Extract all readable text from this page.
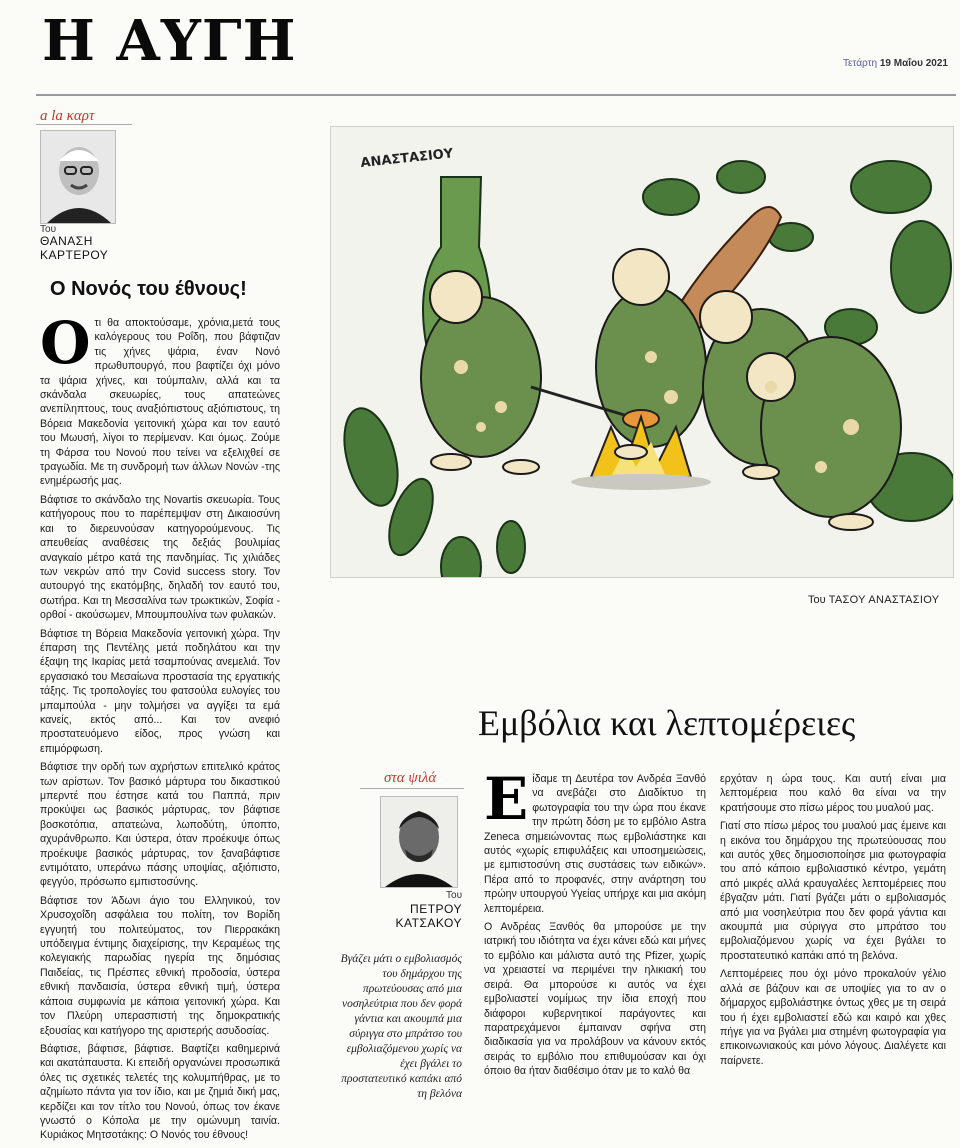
Η ΑΥΓΗ	Τετάρτη 19 Μαΐου 2021
a la καρτ
Του
ΘΑΝΑΣΗ
ΚΑΡΤΕΡΟΥ
Ο Νονός του έθνους!
Ο τι θα αποκτούσαμε, χρόνια,μετά τους καλόγερους του Ροΐδη, που βάφτιζαν τις χήνες ψάρια, έναν Νονό πρωθυπουργό, που βαφτίζει όχι μόνο τα ψάρια χήνες, και τούμπαλιν, αλλά και τα σκάνδαλα σκευωρίες, τους απατεώνες ανεπίληπτους, τους αναξιόπιστους αξιόπιστους, τη Βόρεια Μακεδονία γειτονική χώρα και τον εαυτό του Μωυσή, λίγοι το περίμεναν. Και όμως. Ζούμε τη Φάρσα του Νονού που τείνει να εξελιχθεί σε τραγωδία. Με τη συνδρομή των άλλων Νονών -της ενημέρωσής μας.

Βάφτισε το σκάνδαλο της Novartis σκευωρία. Τους κατήγορους που το παρέπεμψαν στη Δικαιοσύνη και το διερευνούσαν κατηγορούμενους. Τις απευθείας αναθέσεις της δεξιάς βουλιμίας αναγκαίο μέτρο κατά της πανδημίας. Τις χιλιάδες των νεκρών από την Covid success story. Τον αυτουργό της εκατόμβης, δηλαδή τον εαυτό του, σωτήρα. Και τη Μεσσαλίνα των τρωκτικών, Σοφία - ορθοί - ακούσωμεν, Μπουμπουλίνα των φυλακών.

Βάφτισε τη Βόρεια Μακεδονία γειτονική χώρα. Την έπαρση της Πεντέλης μετά ποδηλάτου και την έξαψη της Ικαρίας μετά τσαμπούνας ανεμελιά. Τον εργασιακό του Μεσαίωνα προστασία της εργατικής τάξης. Τις τροπολογίες του φατσούλα ευλογίες του μπαμπούλα - μην τολμήσει να αγγίξει τα εμά κανείς, εκτός από... Και τον ανεφιό προστατευόμενο είδος, προς γνώση και επιμόρφωση.

Βάφτισε την ορδή των αχρήστων επιτελικό κράτος των αρίστων. Τον βασικό μάρτυρα του δικαστικού μπερντέ που έστησε κατά του Παππά, πριν προκύψει ως βασικός μάρτυρας, τον βάφτισε βοσκοτόπια, απατεώνα, λωποδύτη, ύποπτο, αχυράνθρωπο. Και ύστερα, όταν προέκυψε όπως προέκυψε βασικός μάρτυρας, τον ξαναβάφτισε εντιμότατο, υπεράνω πάσης υποψίας, αξιόπιστο, φεγγύο, πρόσωπο εμπιστοσύνης.

Βάφτισε τον Άδωνι άγιο του Ελληνικού, τον Χρυσοχοΐδη ασφάλεια του πολίτη, τον Βορίδη εγγυητή του πολιτεύματος, τον Πιερρακάκη υπόδειγμα έντιμης διαχείρισης, την Κεραμέως της κολεγιακής παρωδίας ηγερία της δημόσιας Παιδείας, τις Πρέσπες εθνική προδοσία, ύστερα εθνική πανδαισία, ύστερα εθνική τιμή, ύστερα κάποια συμφωνία με κάποια γειτονική χώρα. Και τον Πλεύρη υπερασπιστή της δημοκρατικής εξουσίας και κατήγορο της αριστερής ασυδοσίας.

Βάφτισε, βάφτισε, βάφτισε. Βαφτίζει καθημερινά και ακατάπαυστα. Κι επειδή οργανώνει προσωπικά όλες τις σχετικές τελετές της κολυμπήθρας, με το αζημίωτο πάντα για τον ίδιο, και με ζημιά δική μας, κερδίζει και τον τίτλο του Νονού, όπως τον έκανε γνωστό ο Κόπολα με την ομώνυμη ταινία. Κυριάκος Μητσοτάκης: Ο Νονός του έθνους!

ΑΝΑΣΤΑΣΙΟΥ
Του ΤΑΣΟΥ ΑΝΑΣΤΑΣΙΟΥ
Εμβόλια και λεπτομέρειες
στα ψιλά
Του
ΠΕΤΡΟΥ
ΚΑΤΣΑΚΟΥ
Βγάζει μάτι ο εμβολιασμός του δημάρχου της πρωτεύουσας από μια νοσηλεύτρια που δεν φορά γάντια και ακουμπά μια σύριγγα στο μπράτσο του εμβολιαζόμενου χωρίς να έχει βγάλει το προστατευτικό καπάκι από τη βελόνα
Ε ίδαμε τη Δευτέρα τον Ανδρέα Ξανθό να ανεβάζει στο Διαδίκτυο τη φωτογραφία του την ώρα που έκανε την πρώτη δόση με το εμβόλιο Astra Zeneca σημειώνοντας πως εμβολιάστηκε και αυτός «χωρίς επιφυλάξεις και υποσημειώσεις, με εμπιστοσύνη στις συστάσεις των ειδικών». Πέρα από το προφανές, στην ανάρτηση του πρώην υπουργού Υγείας υπήρχε και μια ακόμη λεπτομέρεια.

Ο Ανδρέας Ξανθός θα μπορούσε με την ιατρική του ιδιότητα να έχει κάνει εδώ και μήνες το εμβόλιο και μάλιστα αυτό της Pfizer, χωρίς να χρειαστεί να περιμένει την ηλικιακή του σειρά. Θα μπορούσε κι αυτός να έχει εμβολιαστεί νομίμως την ίδια εποχή που διάφοροι κυβερνητικοί παράγοντες και παρατρεχάμενοι έμπαιναν σφήνα στη διαδικασία για να προλάβουν να κάνουν εκτός σειράς το εμβόλιο που επιθυμούσαν και όχι όποιο θα ήταν διαθέσιμο όταν με το καλό θα

ερχόταν η ώρα τους. Και αυτή είναι μια λεπτομέρεια που καλό θα είναι να την κρατήσουμε στο πίσω μέρος του μυαλού μας.

Γιατί στο πίσω μέρος του μυαλού μας έμεινε και η εικόνα του δημάρχου της πρωτεύουσας που και αυτός χθες δημοσιοποίησε μια φωτογραφία του από κάποιο εμβολιαστικό κέντρο, γεμάτη από μικρές αλλά κραυγαλέες λεπτομέρειες που έβγαζαν μάτι. Γιατί βγάζει μάτι ο εμβολιασμός από μια νοσηλεύτρια που δεν φορά γάντια και ακουμπά μια σύριγγα στο μπράτσο του εμβολιαζόμενου χωρίς να έχει βγάλει το προστατευτικό καπάκι από τη βελόνα.

Λεπτομέρειες που όχι μόνο προκαλούν γέλιο αλλά σε βάζουν και σε υποψίες για το αν ο δήμαρχος εμβολιάστηκε όντως χθες με τη σειρά του ή έχει εμβολιαστεί εδώ και καιρό και χθες πήγε για να βγάλει μια στημένη φωτογραφία για επικοινωνιακούς και μόνο λόγους. Διαλέγετε και παίρνετε.
